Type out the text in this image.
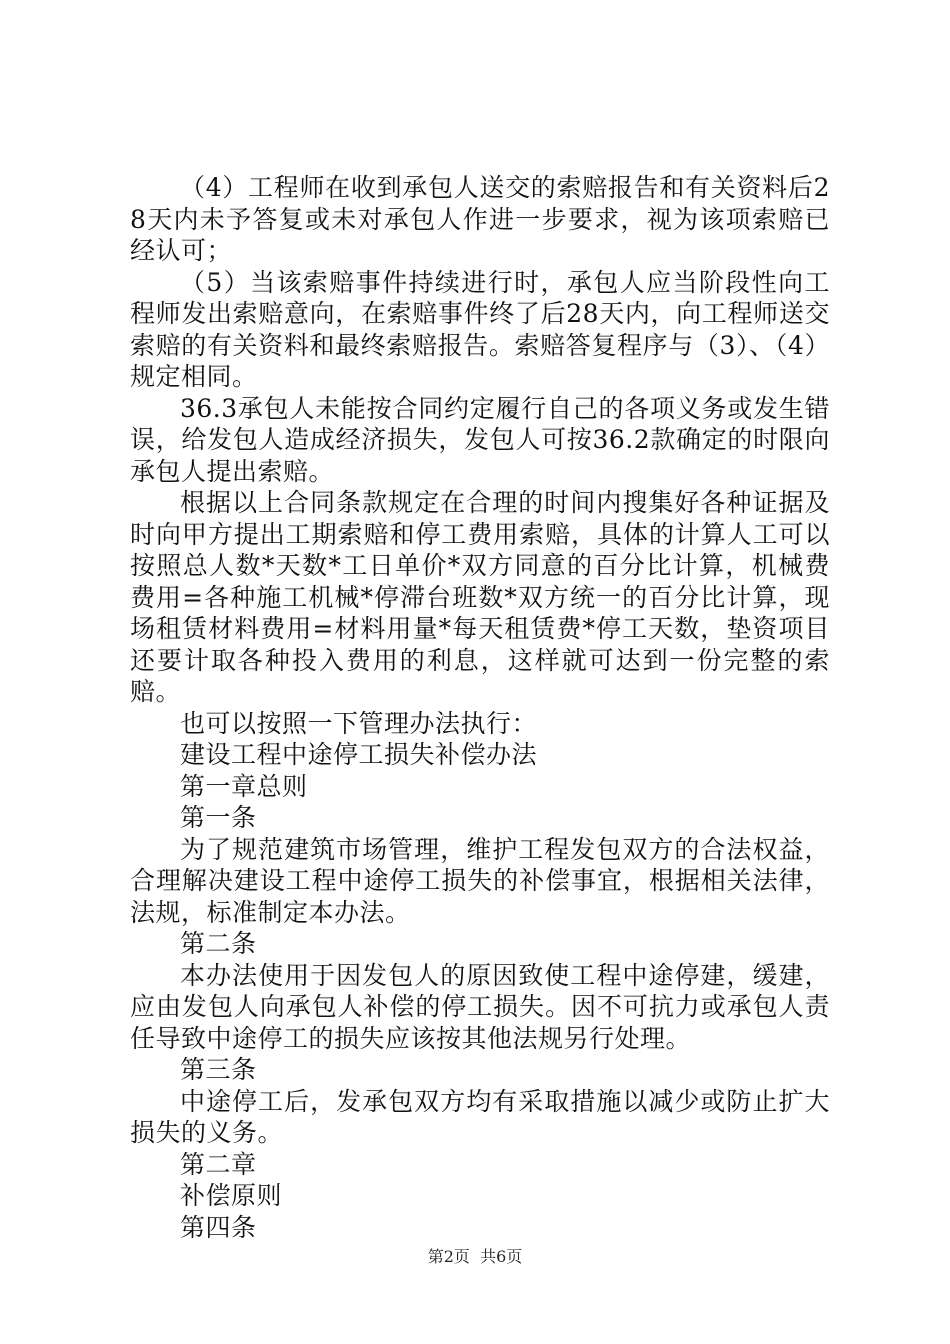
（4）工程师在收到承包人送交的索赔报告和有关资料后28天内未予答复或未对承包人作进一步要求，视为该项索赔已经认可；

（5）当该索赔事件持续进行时，承包人应当阶段性向工程师发出索赔意向，在索赔事件终了后28天内，向工程师送交索赔的有关资料和最终索赔报告。索赔答复程序与（3）、（4）规定相同。

36.3承包人未能按合同约定履行自己的各项义务或发生错误，给发包人造成经济损失，发包人可按36.2款确定的时限向承包人提出索赔。

根据以上合同条款规定在合理的时间内搜集好各种证据及时向甲方提出工期索赔和停工费用索赔，具体的计算人工可以按照总人数*天数*工日单价*双方同意的百分比计算，机械费费用=各种施工机械*停滞台班数*双方统一的百分比计算，现场租赁材料费用=材料用量*每天租赁费*停工天数，垫资项目还要计取各种投入费用的利息，这样就可达到一份完整的索赔。

也可以按照一下管理办法执行：

建设工程中途停工损失补偿办法

第一章总则

第一条

为了规范建筑市场管理，维护工程发包双方的合法权益，合理解决建设工程中途停工损失的补偿事宜，根据相关法律，法规，标准制定本办法。

第二条

本办法使用于因发包人的原因致使工程中途停建，缓建，应由发包人向承包人补偿的停工损失。因不可抗力或承包人责任导致中途停工的损失应该按其他法规另行处理。

第三条

中途停工后，发承包双方均有采取措施以减少或防止扩大损失的义务。

第二章

补偿原则

第四条

第2页  共6页
